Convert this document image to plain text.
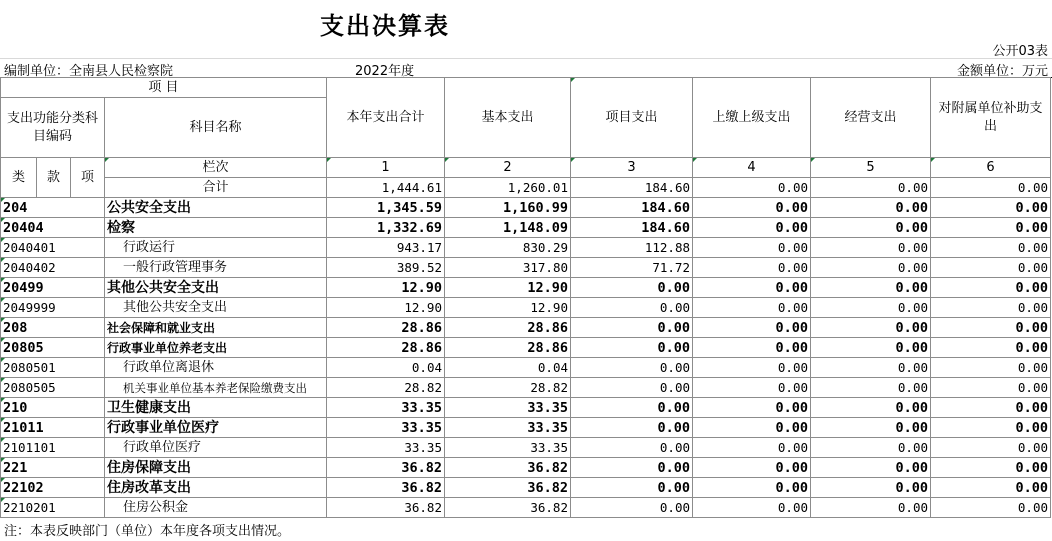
支出决算表
公开03表
编制单位：全南县人民检察院	2022年度	金额单位：万元
项 目				本年支出合计	基本支出	项目支出	上缴上级支出	经营支出	对附属单位补助支出
支出功能分类科目编码			科目名称						

类	款	项	栏次	1	2	3	4	5	6
			合计	1,444.61	1,260.01	184.60	0.00	0.00	0.00
204			公共安全支出	1,345.59	1,160.99	184.60	0.00	0.00	0.00
20404			检察	1,332.69	1,148.09	184.60	0.00	0.00	0.00
2040401			行政运行	943.17	830.29	112.88	0.00	0.00	0.00
2040402			一般行政管理事务	389.52	317.80	71.72	0.00	0.00	0.00
20499			其他公共安全支出	12.90	12.90	0.00	0.00	0.00	0.00
2049999			其他公共安全支出	12.90	12.90	0.00	0.00	0.00	0.00
208			社会保障和就业支出	28.86	28.86	0.00	0.00	0.00	0.00
20805			行政事业单位养老支出	28.86	28.86	0.00	0.00	0.00	0.00
2080501			行政单位离退休	0.04	0.04	0.00	0.00	0.00	0.00
2080505			机关事业单位基本养老保险缴费支出	28.82	28.82	0.00	0.00	0.00	0.00
210			卫生健康支出	33.35	33.35	0.00	0.00	0.00	0.00
21011			行政事业单位医疗	33.35	33.35	0.00	0.00	0.00	0.00
2101101			行政单位医疗	33.35	33.35	0.00	0.00	0.00	0.00
221			住房保障支出	36.82	36.82	0.00	0.00	0.00	0.00
22102			住房改革支出	36.82	36.82	0.00	0.00	0.00	0.00
2210201			住房公积金	36.82	36.82	0.00	0.00	0.00	0.00
注：本表反映部门（单位）本年度各项支出情况。
